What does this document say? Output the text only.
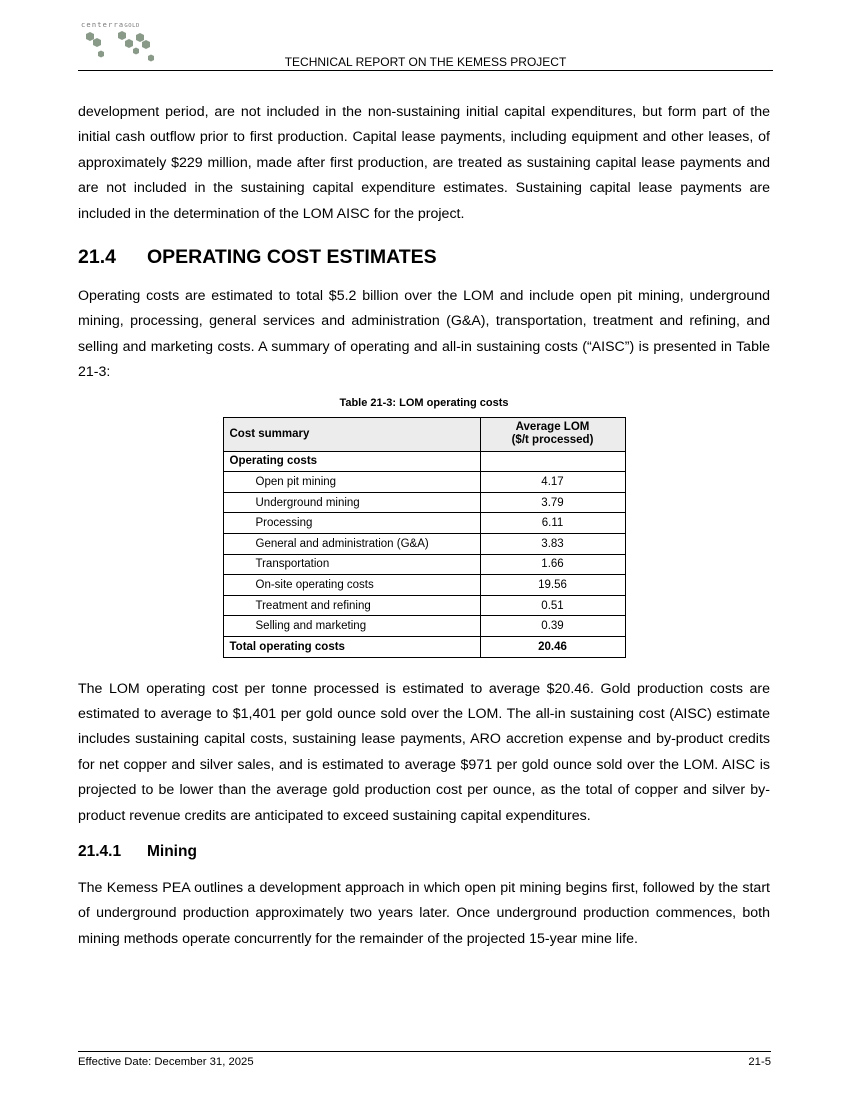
centerraGOLD
TECHNICAL REPORT ON THE KEMESS PROJECT

development period, are not included in the non-sustaining initial capital expenditures, but form part of the initial cash outflow prior to first production. Capital lease payments, including equipment and other leases, of approximately $229 million, made after first production, are treated as sustaining capital lease payments and are not included in the sustaining capital expenditure estimates. Sustaining capital lease payments are included in the determination of the LOM AISC for the project.

21.4 OPERATING COST ESTIMATES

Operating costs are estimated to total $5.2 billion over the LOM and include open pit mining, underground mining, processing, general services and administration (G&A), transportation, treatment and refining, and selling and marketing costs. A summary of operating and all-in sustaining costs (“AISC”) is presented in Table 21-3:

Table 21-3: LOM operating costs
Cost summary	Average LOM
($/t processed)
Operating costs	
Open pit mining	4.17
Underground mining	3.79
Processing	6.11
General and administration (G&A)	3.83
Transportation	1.66
On-site operating costs	19.56
Treatment and refining	0.51
Selling and marketing	0.39
Total operating costs	20.46

The LOM operating cost per tonne processed is estimated to average $20.46. Gold production costs are estimated to average to $1,401 per gold ounce sold over the LOM. The all-in sustaining cost (AISC) estimate includes sustaining capital costs, sustaining lease payments, ARO accretion expense and by-product credits for net copper and silver sales, and is estimated to average $971 per gold ounce sold over the LOM. AISC is projected to be lower than the average gold production cost per ounce, as the total of copper and silver by-product revenue credits are anticipated to exceed sustaining capital expenditures.

21.4.1 Mining

The Kemess PEA outlines a development approach in which open pit mining begins first, followed by the start of underground production approximately two years later. Once underground production commences, both mining methods operate concurrently for the remainder of the projected 15-year mine life.

Effective Date: December 31, 2025	21-5
